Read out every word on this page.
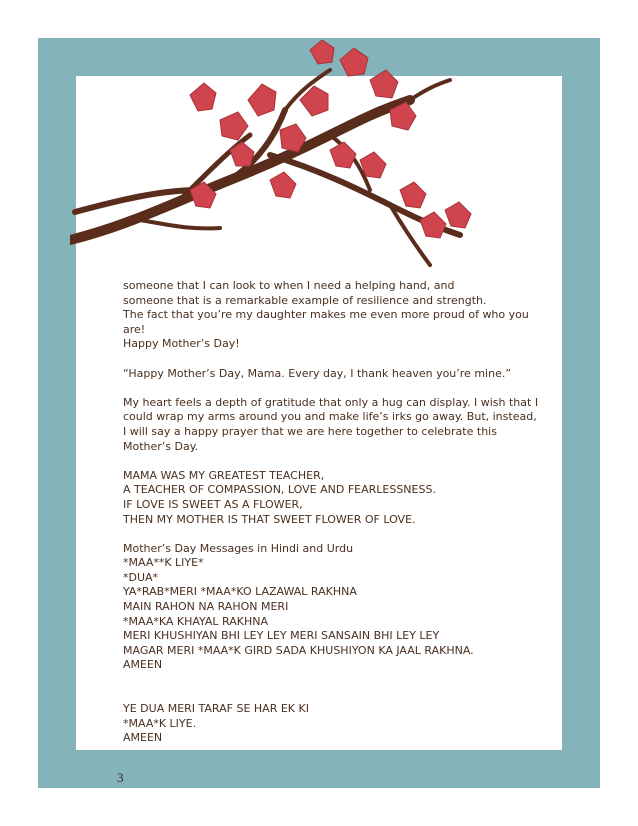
someone that I can look to when I need a helping hand, and
someone that is a remarkable example of resilience and strength.
The fact that you’re my daughter makes me even more proud of who you
are!
Happy Mother’s Day!
“Happy Mother’s Day, Mama. Every day, I thank heaven you’re mine.”
My heart feels a depth of gratitude that only a hug can display. I wish that I
could wrap my arms around you and make life’s irks go away. But, instead,
I will say a happy prayer that we are here together to celebrate this
Mother’s Day.
MAMA WAS MY GREATEST TEACHER,
A TEACHER OF COMPASSION, LOVE AND FEARLESSNESS.
IF LOVE IS SWEET AS A FLOWER,
THEN MY MOTHER IS THAT SWEET FLOWER OF LOVE.
Mother’s Day Messages in Hindi and Urdu
*MAA**K LIYE*
*DUA*
YA*RAB*MERI *MAA*KO LAZAWAL RAKHNA
MAIN RAHON NA RAHON MERI
*MAA*KA KHAYAL RAKHNA
MERI KHUSHIYAN BHI LEY LEY MERI SANSAIN BHI LEY LEY
MAGAR MERI *MAA*K GIRD SADA KHUSHIYON KA JAAL RAKHNA.
AMEEN
YE DUA MERI TARAF SE HAR EK KI
*MAA*K LIYE.
AMEEN
3
